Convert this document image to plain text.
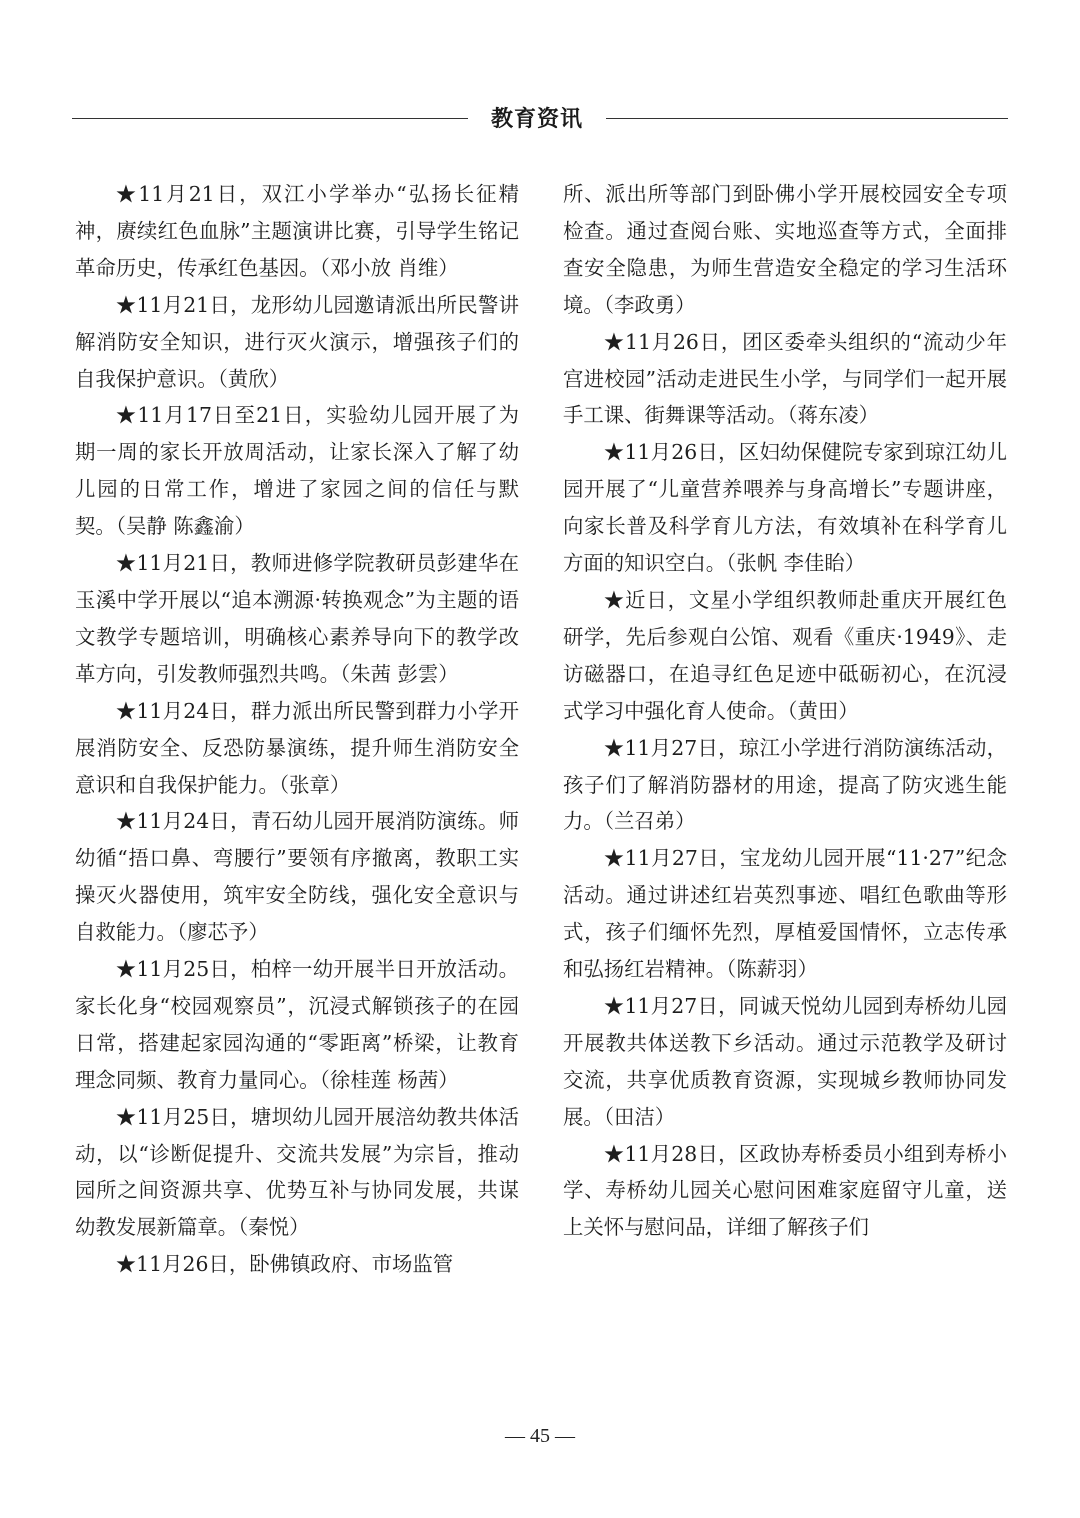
教育资讯

★11月21日，双江小学举办“弘扬长征精神，赓续红色血脉”主题演讲比赛，引导学生铭记革命历史，传承红色基因。（邓小放 肖维）

★11月21日，龙形幼儿园邀请派出所民警讲解消防安全知识，进行灭火演示，增强孩子们的自我保护意识。（黄欣）

★11月17日至21日，实验幼儿园开展了为期一周的家长开放周活动，让家长深入了解了幼儿园的日常工作，增进了家园之间的信任与默契。（吴静 陈鑫渝）

★11月21日，教师进修学院教研员彭建华在玉溪中学开展以“追本溯源·转换观念”为主题的语文教学专题培训，明确核心素养导向下的教学改革方向，引发教师强烈共鸣。（朱茜 彭雲）

★11月24日，群力派出所民警到群力小学开展消防安全、反恐防暴演练，提升师生消防安全意识和自我保护能力。（张章）

★11月24日，青石幼儿园开展消防演练。师幼循“捂口鼻、弯腰行”要领有序撤离，教职工实操灭火器使用，筑牢安全防线，强化安全意识与自救能力。（廖芯予）

★11月25日，柏梓一幼开展半日开放活动。家长化身“校园观察员”，沉浸式解锁孩子的在园日常，搭建起家园沟通的“零距离”桥梁，让教育理念同频、教育力量同心。（徐桂莲 杨茜）

★11月25日，塘坝幼儿园开展涪幼教共体活动，以“诊断促提升、交流共发展”为宗旨，推动园所之间资源共享、优势互补与协同发展，共谋幼教发展新篇章。（秦悦）

★11月26日，卧佛镇政府、市场监管

所、派出所等部门到卧佛小学开展校园安全专项检查。通过查阅台账、实地巡查等方式，全面排查安全隐患，为师生营造安全稳定的学习生活环境。（李政勇）

★11月26日，团区委牵头组织的“流动少年宫进校园”活动走进民生小学，与同学们一起开展手工课、街舞课等活动。（蒋东凌）

★11月26日，区妇幼保健院专家到琼江幼儿园开展了“儿童营养喂养与身高增长”专题讲座，向家长普及科学育儿方法，有效填补在科学育儿方面的知识空白。（张帆 李佳眙）

★近日，文星小学组织教师赴重庆开展红色研学，先后参观白公馆、观看《重庆·1949》、走访磁器口，在追寻红色足迹中砥砺初心，在沉浸式学习中强化育人使命。（黄田）

★11月27日，琼江小学进行消防演练活动，孩子们了解消防器材的用途，提高了防灾逃生能力。（兰召弟）

★11月27日，宝龙幼儿园开展“11·27”纪念活动。通过讲述红岩英烈事迹、唱红色歌曲等形式，孩子们缅怀先烈，厚植爱国情怀，立志传承和弘扬红岩精神。（陈薪羽）

★11月27日，同诚天悦幼儿园到寿桥幼儿园开展教共体送教下乡活动。通过示范教学及研讨交流，共享优质教育资源，实现城乡教师协同发展。（田洁）

★11月28日，区政协寿桥委员小组到寿桥小学、寿桥幼儿园关心慰问困难家庭留守儿童，送上关怀与慰问品，详细了解孩子们

— 45 —
